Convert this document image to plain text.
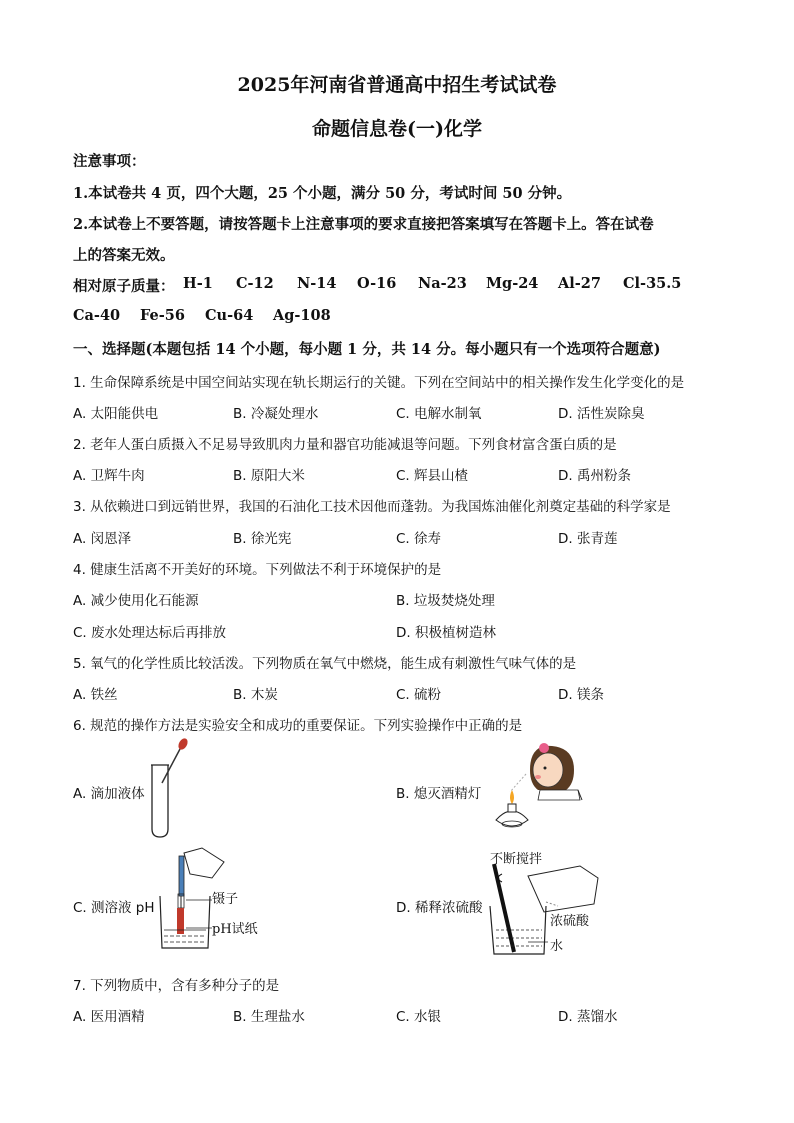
2025年河南省普通高中招生考试试卷
命题信息卷(一)化学
注意事项：
1.本试卷共 4 页，四个大题，25 个小题，满分 50 分，考试时间 50 分钟。
2.本试卷上不要答题，请按答题卡上注意事项的要求直接把答案填写在答题卡上。答在试卷
上的答案无效。
相对原子质量： H-1 C-12 N-14 O-16 Na-23 Mg-24 Al-27 Cl-35.5
Ca-40 Fe-56 Cu-64 Ag-108
一、选择题(本题包括 14 个小题，每小题 1 分，共 14 分。每小题只有一个选项符合题意)
1. 生命保障系统是中国空间站实现在轨长期运行的关键。下列在空间站中的相关操作发生化学变化的是
A. 太阳能供电	B. 冷凝处理水	C. 电解水制氧	D. 活性炭除臭
2. 老年人蛋白质摄入不足易导致肌肉力量和器官功能减退等问题。下列食材富含蛋白质的是
A. 卫辉牛肉	B. 原阳大米	C. 辉县山楂	D. 禹州粉条
3. 从依赖进口到远销世界，我国的石油化工技术因他而蓬勃。为我国炼油催化剂奠定基础的科学家是
A. 闵恩泽	B. 徐光宪	C. 徐寿	D. 张青莲
4. 健康生活离不开美好的环境。下列做法不利于环境保护的是
A. 减少使用化石能源	B. 垃圾焚烧处理
C. 废水处理达标后再排放	D. 积极植树造林
5. 氧气的化学性质比较活泼。下列物质在氧气中燃烧，能生成有刺激性气味气体的是
A. 铁丝	B. 木炭	C. 硫粉	D. 镁条
6. 规范的操作方法是实验安全和成功的重要保证。下列实验操作中正确的是
A. 滴加液体	B. 熄灭酒精灯
C. 测溶液 pH	D. 稀释浓硫酸
镊子
pH试纸
不断搅拌
浓硫酸
水
7. 下列物质中，含有多种分子的是
A. 医用酒精	B. 生理盐水	C. 水银	D. 蒸馏水
